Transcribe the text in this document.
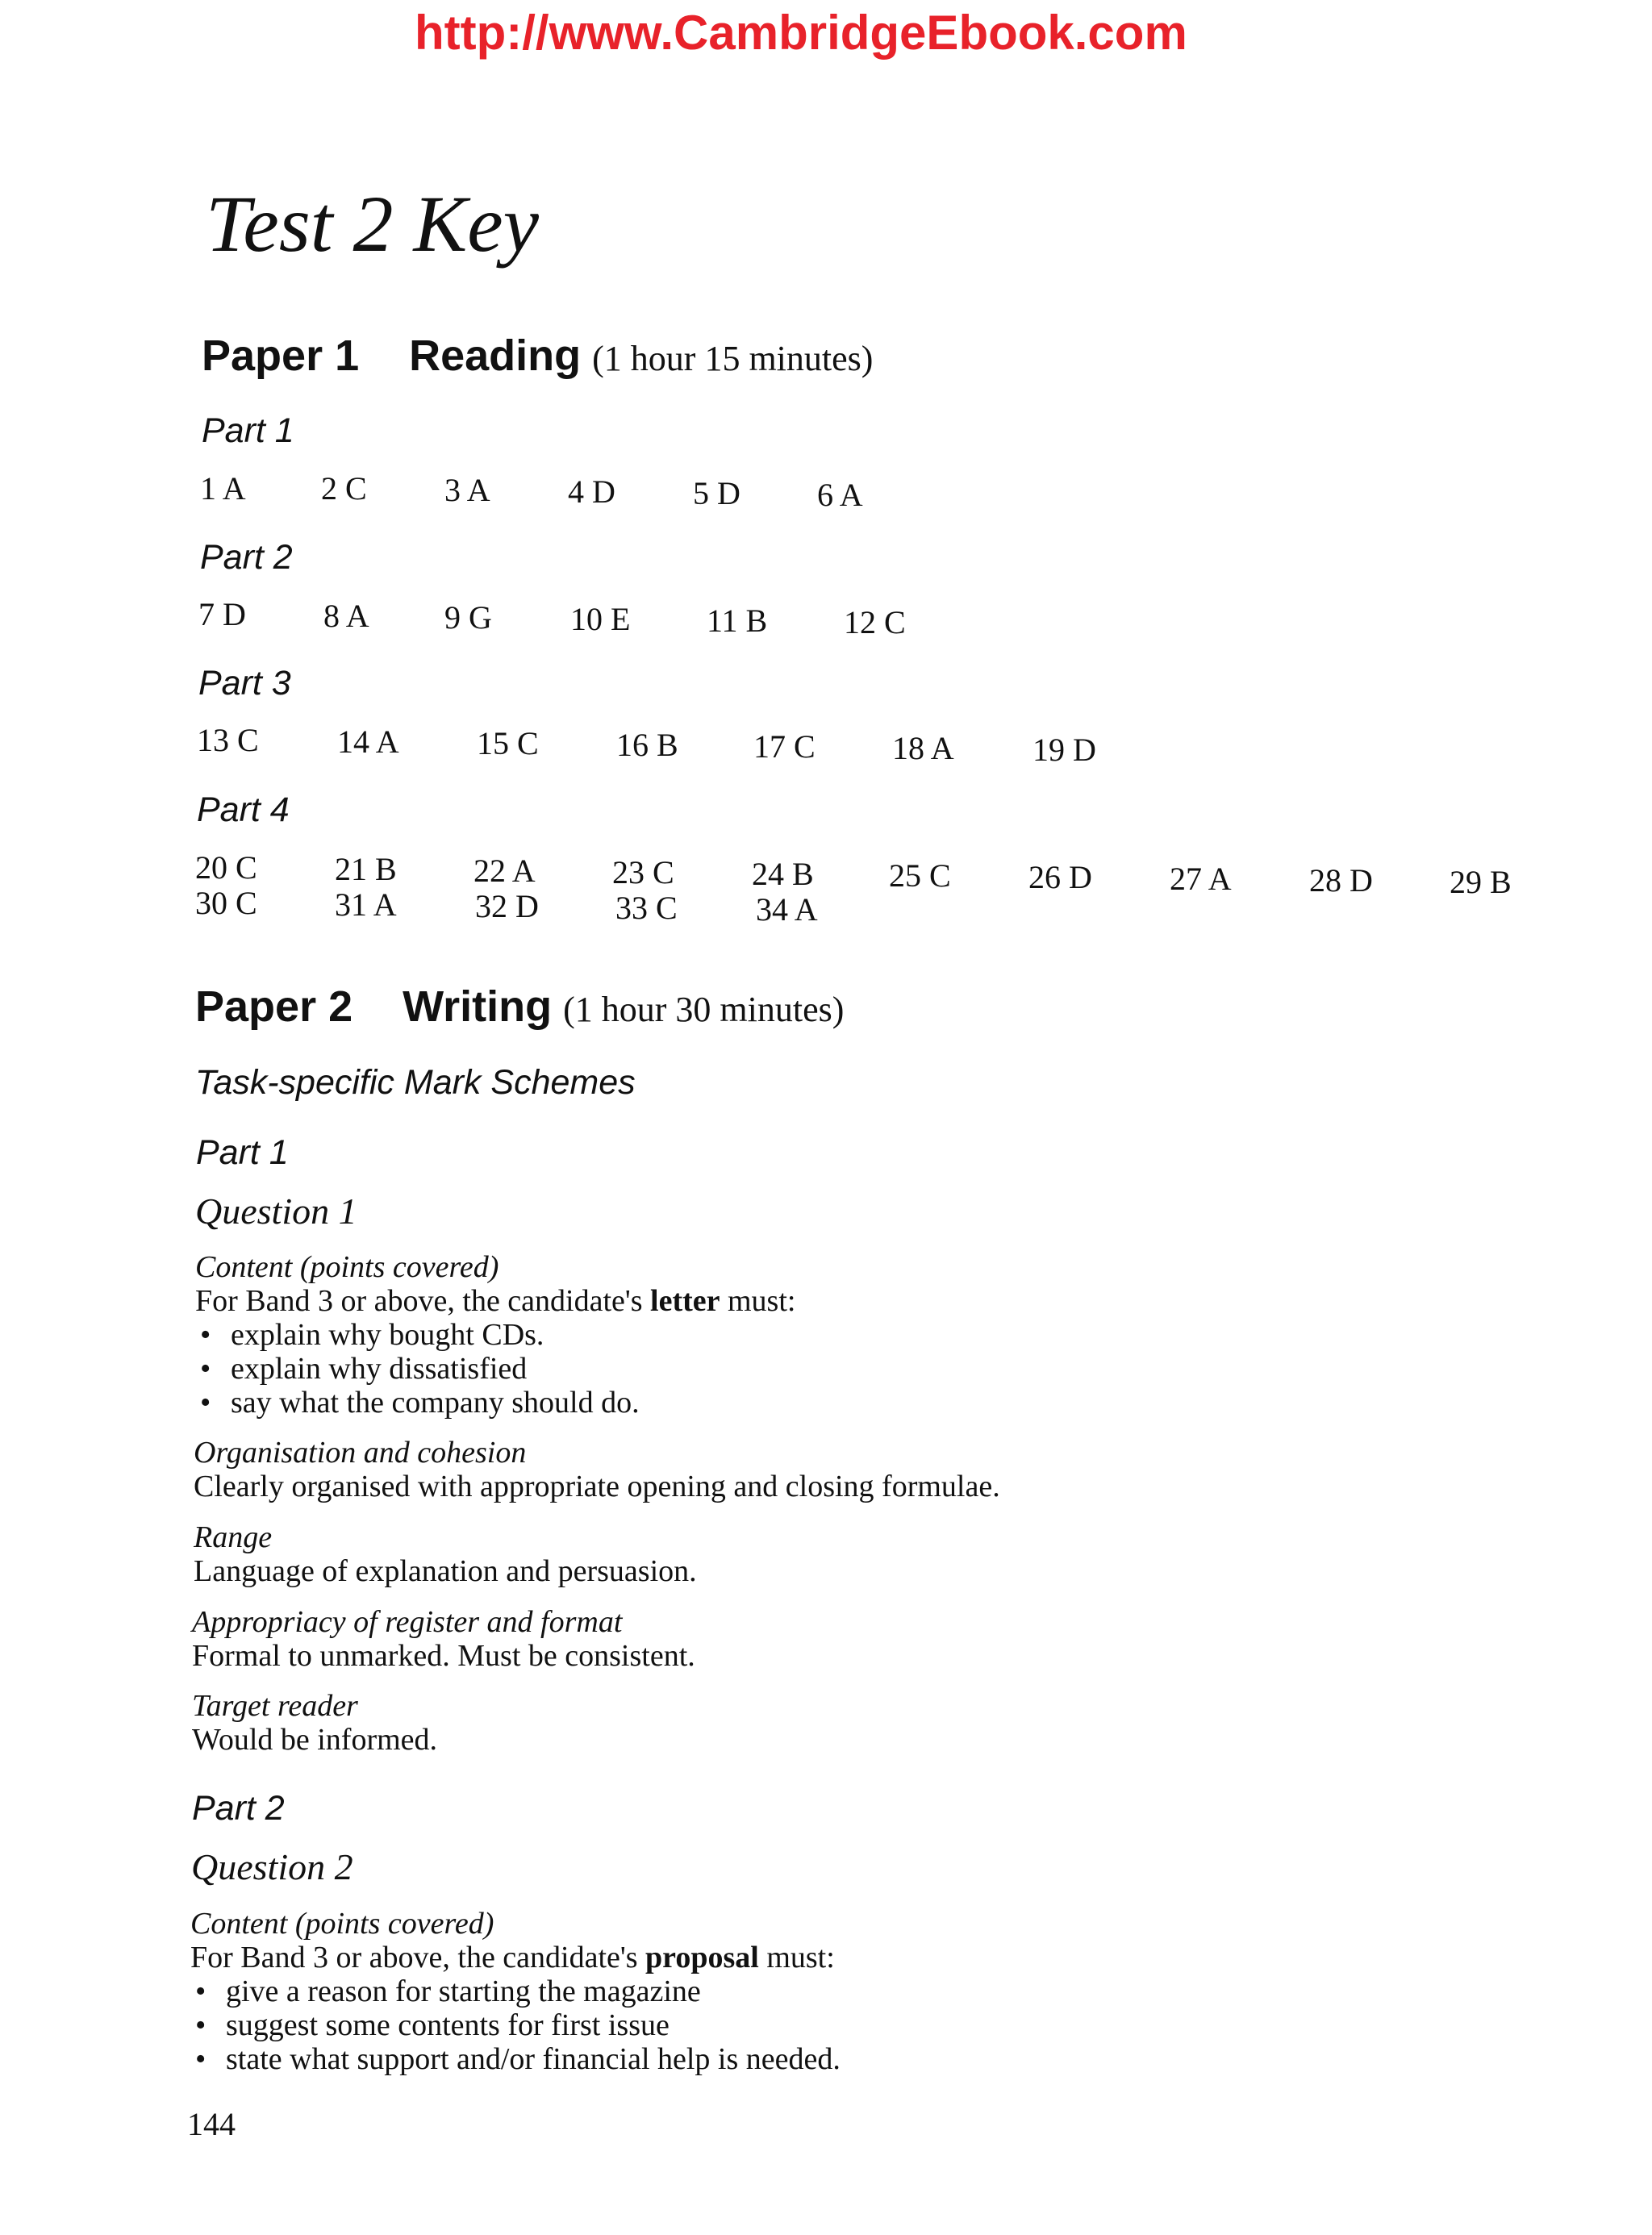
http://www.CambridgeEbook.com
Test 2 Key
Paper 1 Reading (1 hour 15 minutes)
Part 1
1 A 2 C 3 A 4 D 5 D 6 A
Part 2
7 D 8 A 9 G 10 E 11 B 12 C
Part 3
13 C 14 A 15 C 16 B 17 C 18 A 19 D
Part 4
20 C 21 B 22 A 23 C 24 B 25 C 26 D 27 A 28 D 29 B
30 C 31 A 32 D 33 C 34 A
Paper 2 Writing (1 hour 30 minutes)
Task-specific Mark Schemes
Part 1
Question 1
Content (points covered)
For Band 3 or above, the candidate's letter must:
• explain why bought CDs.
• explain why dissatisfied
• say what the company should do.
Organisation and cohesion
Clearly organised with appropriate opening and closing formulae.
Range
Language of explanation and persuasion.
Appropriacy of register and format
Formal to unmarked. Must be consistent.
Target reader
Would be informed.
Part 2
Question 2
Content (points covered)
For Band 3 or above, the candidate's proposal must:
• give a reason for starting the magazine
• suggest some contents for first issue
• state what support and/or financial help is needed.
144
